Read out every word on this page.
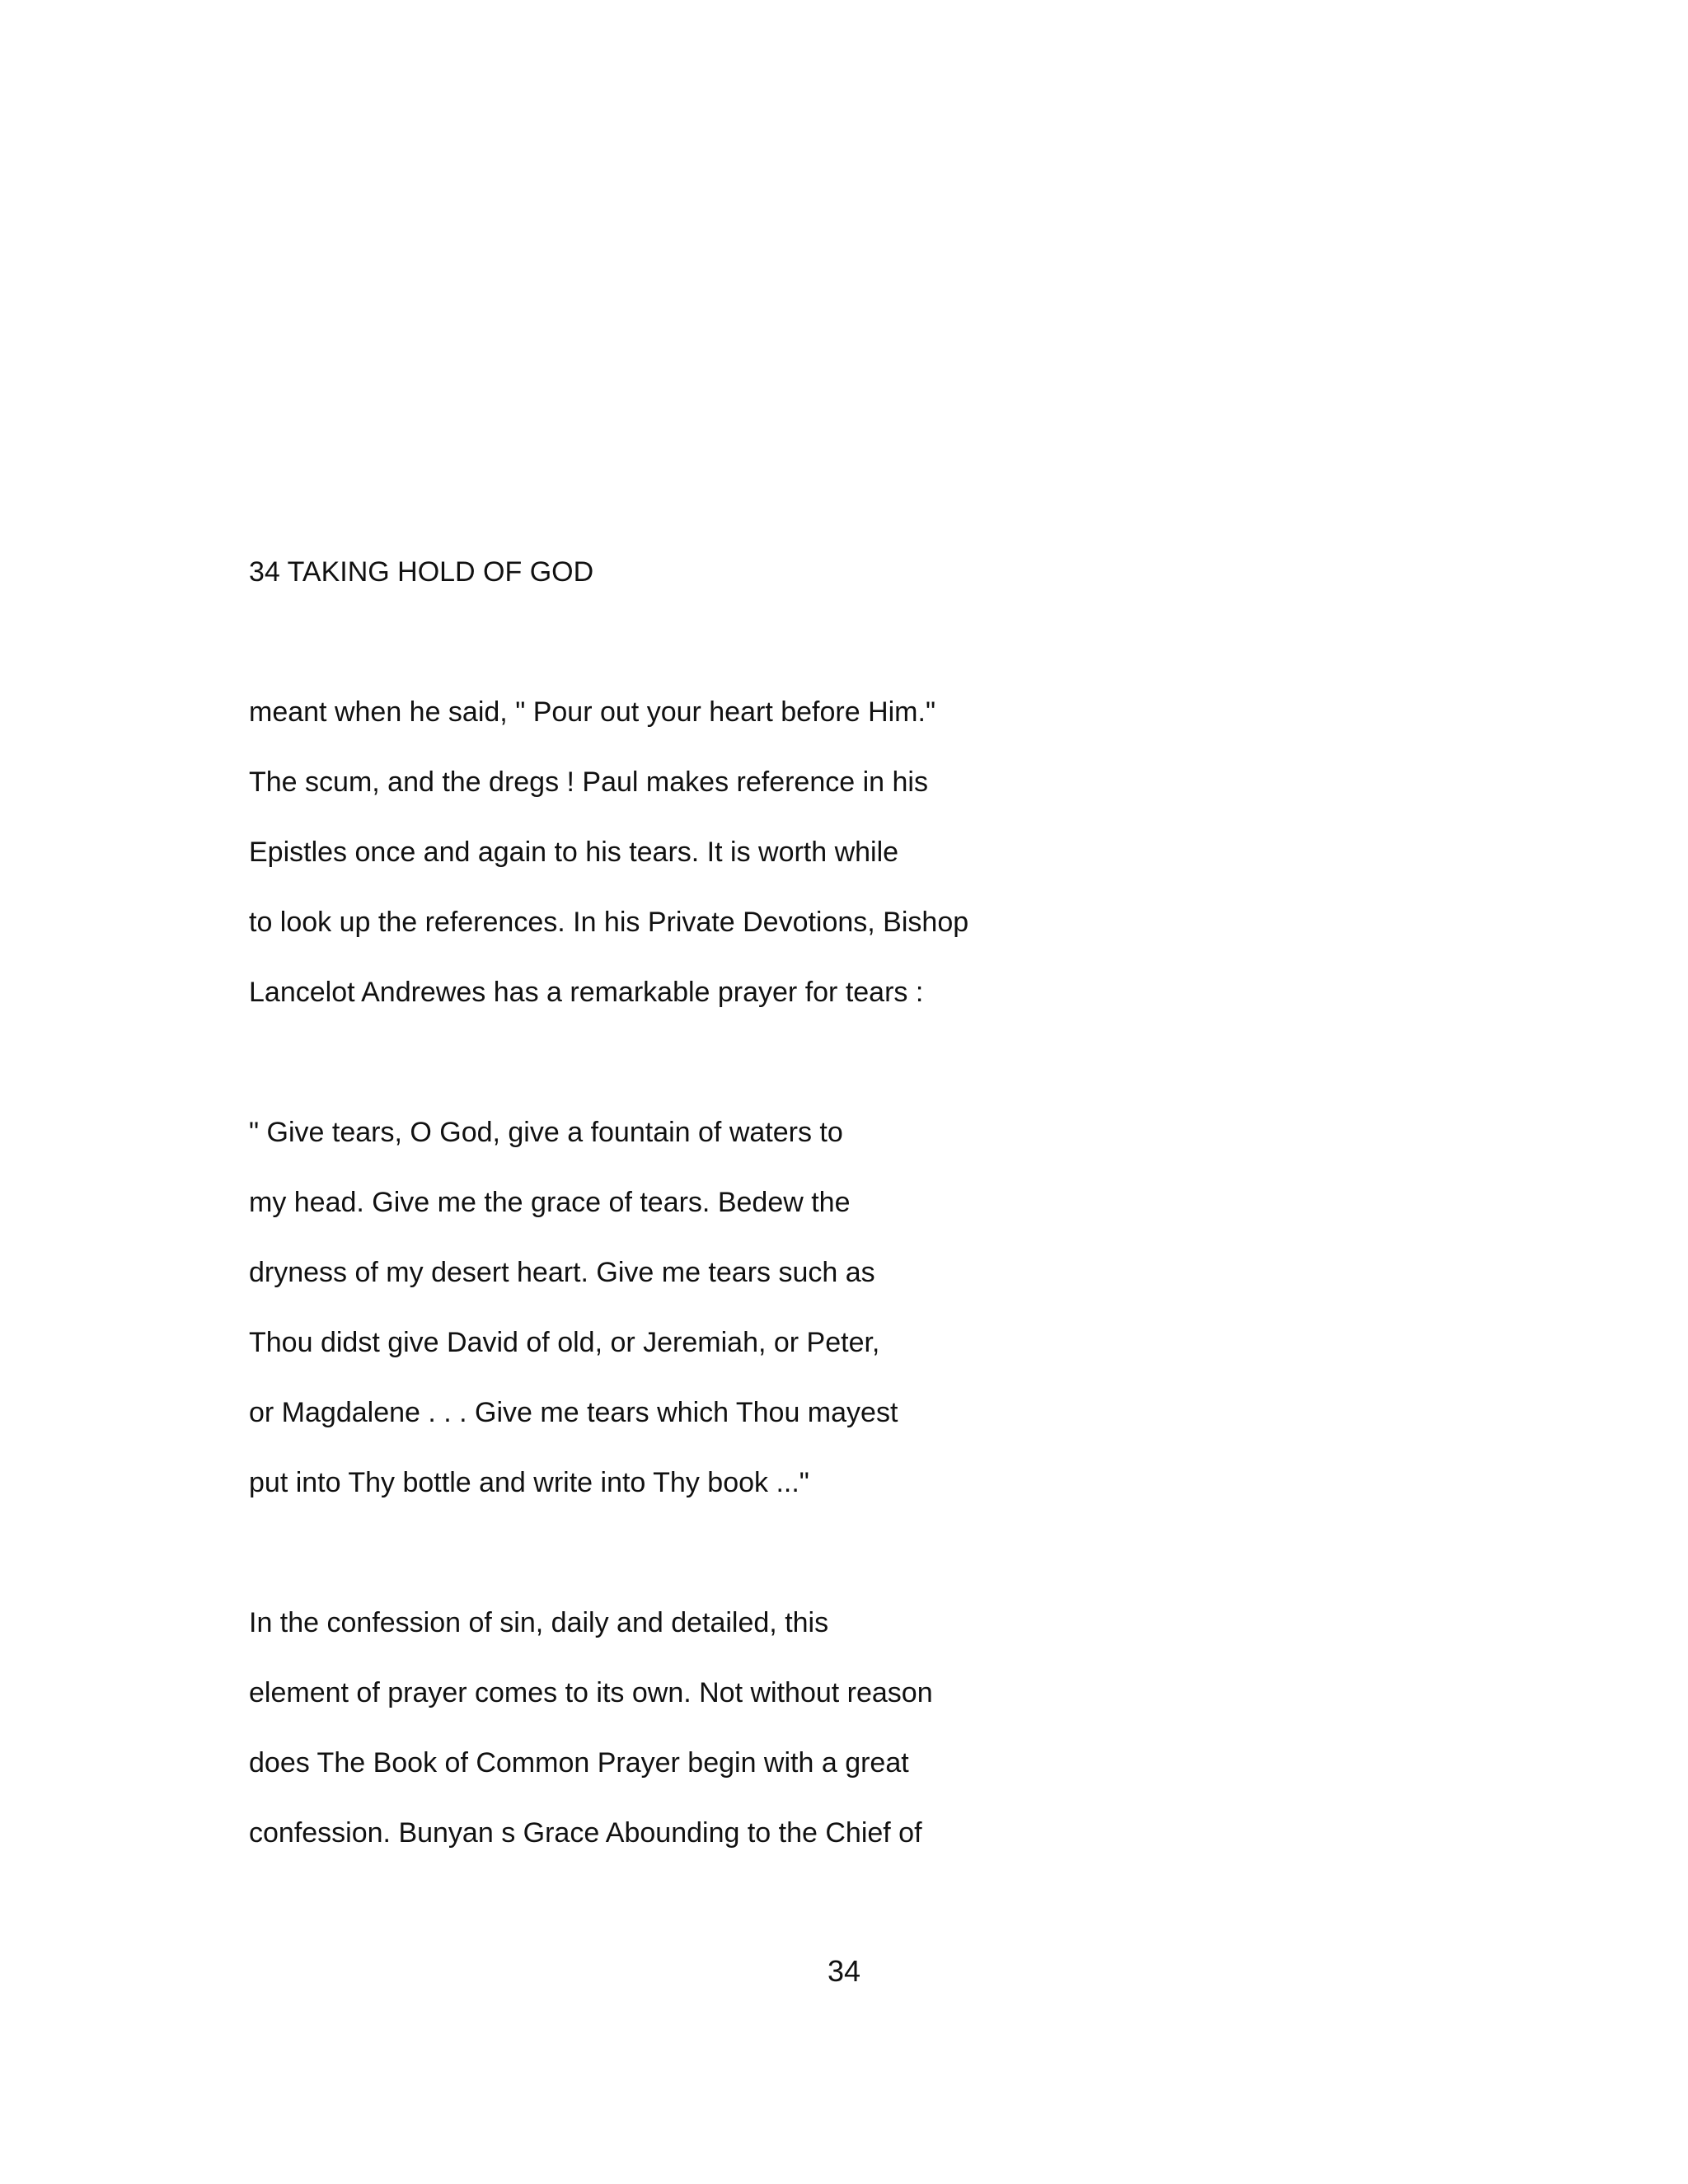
34 TAKING HOLD OF GOD
meant when he said, " Pour out your heart before Him."
The scum, and the dregs ! Paul makes reference in his
Epistles once and again to his tears. It is worth while
to look up the references. In his Private Devotions, Bishop
Lancelot Andrewes has a remarkable prayer for tears :
" Give tears, O God, give a fountain of waters to
my head. Give me the grace of tears. Bedew the
dryness of my desert heart. Give me tears such as
Thou didst give David of old, or Jeremiah, or Peter,
or Magdalene . . . Give me tears which Thou mayest
put into Thy bottle and write into Thy book ..."
In the confession of sin, daily and detailed, this
element of prayer comes to its own. Not without reason
does The Book of Common Prayer begin with a great
confession. Bunyan s Grace Abounding to the Chief of
34
